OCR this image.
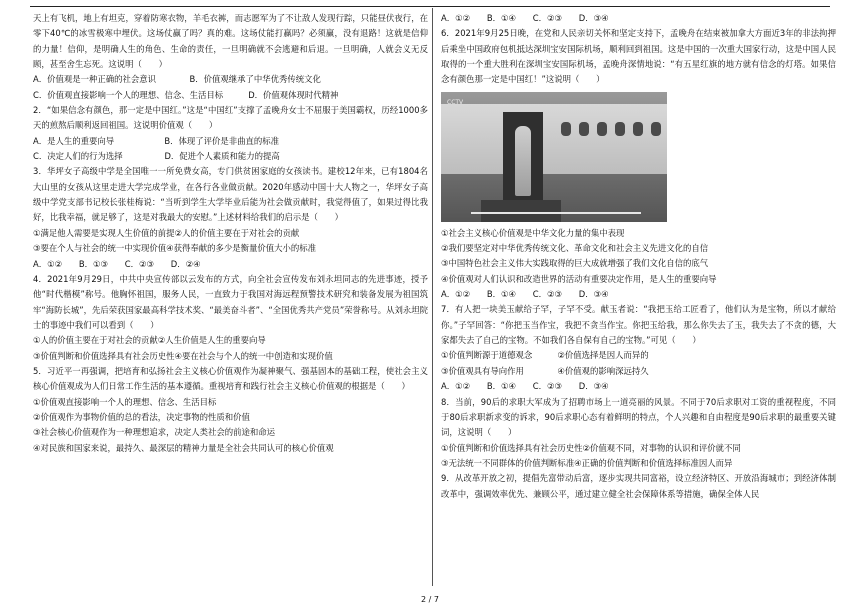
天上有飞机，地上有坦克，穿着防寒衣物，羊毛衣裤，而志愿军为了不让敌人发现行踪，只能昼伏夜行，在零下40℃的冰雪极寒中埋伏。这场仗赢了吗？真的难。这场仗能打赢吗？必须赢，没有退路！这就是信仰的力量！信仰，是明确人生的角色、生命的责任，一旦明确就不会逃避和后退。一旦明确，人就会义无反顾，甚至舍生忘死。这说明（　　）

A．价值观是一种正确的社会意识　　　　B．价值观继承了中华优秀传统文化

C．价值观直接影响一个人的理想、信念、生活目标　　　D．价值观体现时代精神

2．“如果信念有颜色，那一定是中国红。”这是“中国红”支撑了孟晚舟女士不屈服于美国霸权，历经1000多天的煎熬后顺利返回祖国。这说明价值观（　　）

A．是人生的重要向导　　　　　　B．体现了评价是非曲直的标准

C．决定人们的行为选择　　　　　D．促进个人素质和能力的提高

3．华坪女子高级中学是全国唯一一所免费女高，专门供贫困家庭的女孩读书。建校12年来，已有1804名大山里的女孩从这里走进大学完成学业，在各行各业做贡献。2020年感动中国十大人物之一，华坪女子高级中学党支部书记校长张桂梅说：“当听到学生大学毕业后能为社会做贡献时，我觉得值了，如果过得比我好，比我幸福，就足够了，这是对我最大的安慰。”上述材料给我们的启示是（　　）

①满足他人需要是实现人生价值的前提②人的价值主要在于对社会的贡献

③要在个人与社会的统一中实现价值④获得奉献的多少是衡量价值大小的标准

A．①②　　B．①③　　C．②③　　D．②④

4．2021年9月29日，中共中央宣传部以云发布的方式，向全社会宣传发布刘永坦同志的先进事迹，授予他“时代楷模”称号。他胸怀祖国，服务人民，一直致力于我国对海远程预警技术研究和装备发展为祖国筑牢“海防长城”，先后荣获国家最高科学技术奖、“最美奋斗者”、“全国优秀共产党员”荣誉称号。从刘永坦院士的事迹中我们可以看到（　　）

①人的价值主要在于对社会的贡献②人生价值是人生的重要向导

③价值判断和价值选择具有社会历史性④要在社会与个人的统一中创造和实现价值

5．习近平一再强调，把培育和弘扬社会主义核心价值观作为凝神聚气、强基固本的基础工程，使社会主义核心价值观成为人们日常工作生活的基本遵循。重视培育和践行社会主义核心价值观的根据是（　　）

①价值观直接影响一个人的理想、信念、生活目标

②价值观作为事物价值的总的看法，决定事物的性质和价值

③社会核心价值观作为一种理想追求，决定人类社会的前途和命运

④对民族和国家来说，最持久、最深层的精神力量是全社会共同认可的核心价值观

A．①②　　B．①④　　C．②③　　D．③④

6．2021年9月25日晚，在党和人民亲切关怀和坚定支持下，孟晚舟在结束被加拿大方面近3年的非法拘押后乘坐中国政府包机抵达深圳宝安国际机场，顺利回到祖国。这是中国的一次重大国家行动，这是中国人民取得的一个重大胜利在深圳宝安国际机场，孟晚舟深情地说：“有五星红旗的地方就有信念的灯塔。如果信念有颜色那一定是中国红！”这说明（　　）

CCTV

①社会主义核心价值观是中华文化力量的集中表现

②我们要坚定对中华优秀传统文化、革命文化和社会主义先进文化的自信

③中国特色社会主义伟大实践取得的巨大成就增强了我们文化自信的底气

④价值观对人们认识和改造世界的活动有重要决定作用，是人生的重要向导

A．①②　　B．①④　　C．②③　　D．③④

7．有人把一块美玉献给子罕，子罕不受。献玉者说：“我把玉给工匠看了，他们认为是宝物，所以才献给你。”子罕回答：“你把玉当作宝，我把不贪当作宝。你把玉给我，那么你失去了玉，我失去了不贪的德，大家都失去了自己的宝物。不如我们各自保有自己的宝物。”可见（　　）

①价值判断源于道德观念　　　②价值选择是因人而异的

③价值观具有导向作用　　　　④价值观的影响深远持久

A．①②　　B．①④　　C．②③　　D．③④

8．当前，90后的求职大军成为了招聘市场上一道亮丽的风景。不同于70后求职对工资的重视程度，不同于80后求职新求变的诉求，90后求职心态有着鲜明的特点，个人兴趣和自由程度是90后求职的最重要关键词，这说明（　　）

①价值判断和价值选择具有社会历史性②价值观不同，对事物的认识和评价就不同

③无法统一不同群体的价值判断标准④正确的价值判断和价值选择标准因人而异

9．从改革开放之初，提倡先富带动后富，逐步实现共同富裕，设立经济特区、开放沿海城市；到经济体制改革中，强调效率优先、兼顾公平，通过建立健全社会保障体系等措施，确保全体人民

2 / 7
